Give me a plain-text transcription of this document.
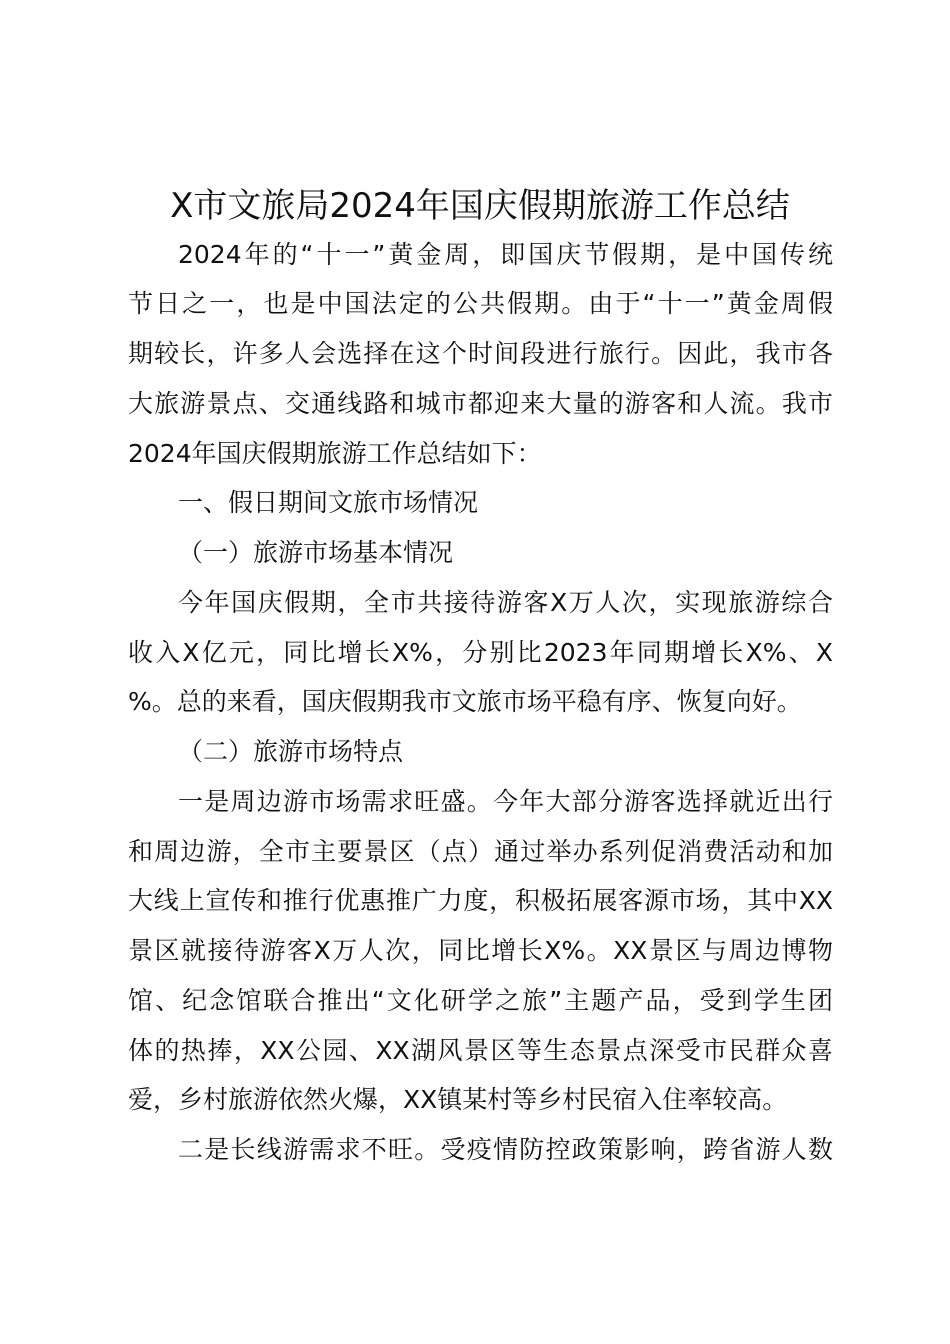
X市文旅局2024年国庆假期旅游工作总结
2024年的“十一”黄金周，即国庆节假期，是中国传统
节日之一，也是中国法定的公共假期。由于“十一”黄金周假
期较长，许多人会选择在这个时间段进行旅行。因此，我市各
大旅游景点、交通线路和城市都迎来大量的游客和人流。我市
2024年国庆假期旅游工作总结如下：
一、假日期间文旅市场情况
（一）旅游市场基本情况
今年国庆假期，全市共接待游客X万人次，实现旅游综合
收入X亿元，同比增长X%，分别比2023年同期增长X%、X
%。总的来看，国庆假期我市文旅市场平稳有序、恢复向好。
（二）旅游市场特点
一是周边游市场需求旺盛。今年大部分游客选择就近出行
和周边游，全市主要景区（点）通过举办系列促消费活动和加
大线上宣传和推行优惠推广力度，积极拓展客源市场，其中XX
景区就接待游客X万人次，同比增长X%。XX景区与周边博物
馆、纪念馆联合推出“文化研学之旅”主题产品，受到学生团
体的热捧，XX公园、XX湖风景区等生态景点深受市民群众喜
爱，乡村旅游依然火爆，XX镇某村等乡村民宿入住率较高。
二是长线游需求不旺。受疫情防控政策影响，跨省游人数
